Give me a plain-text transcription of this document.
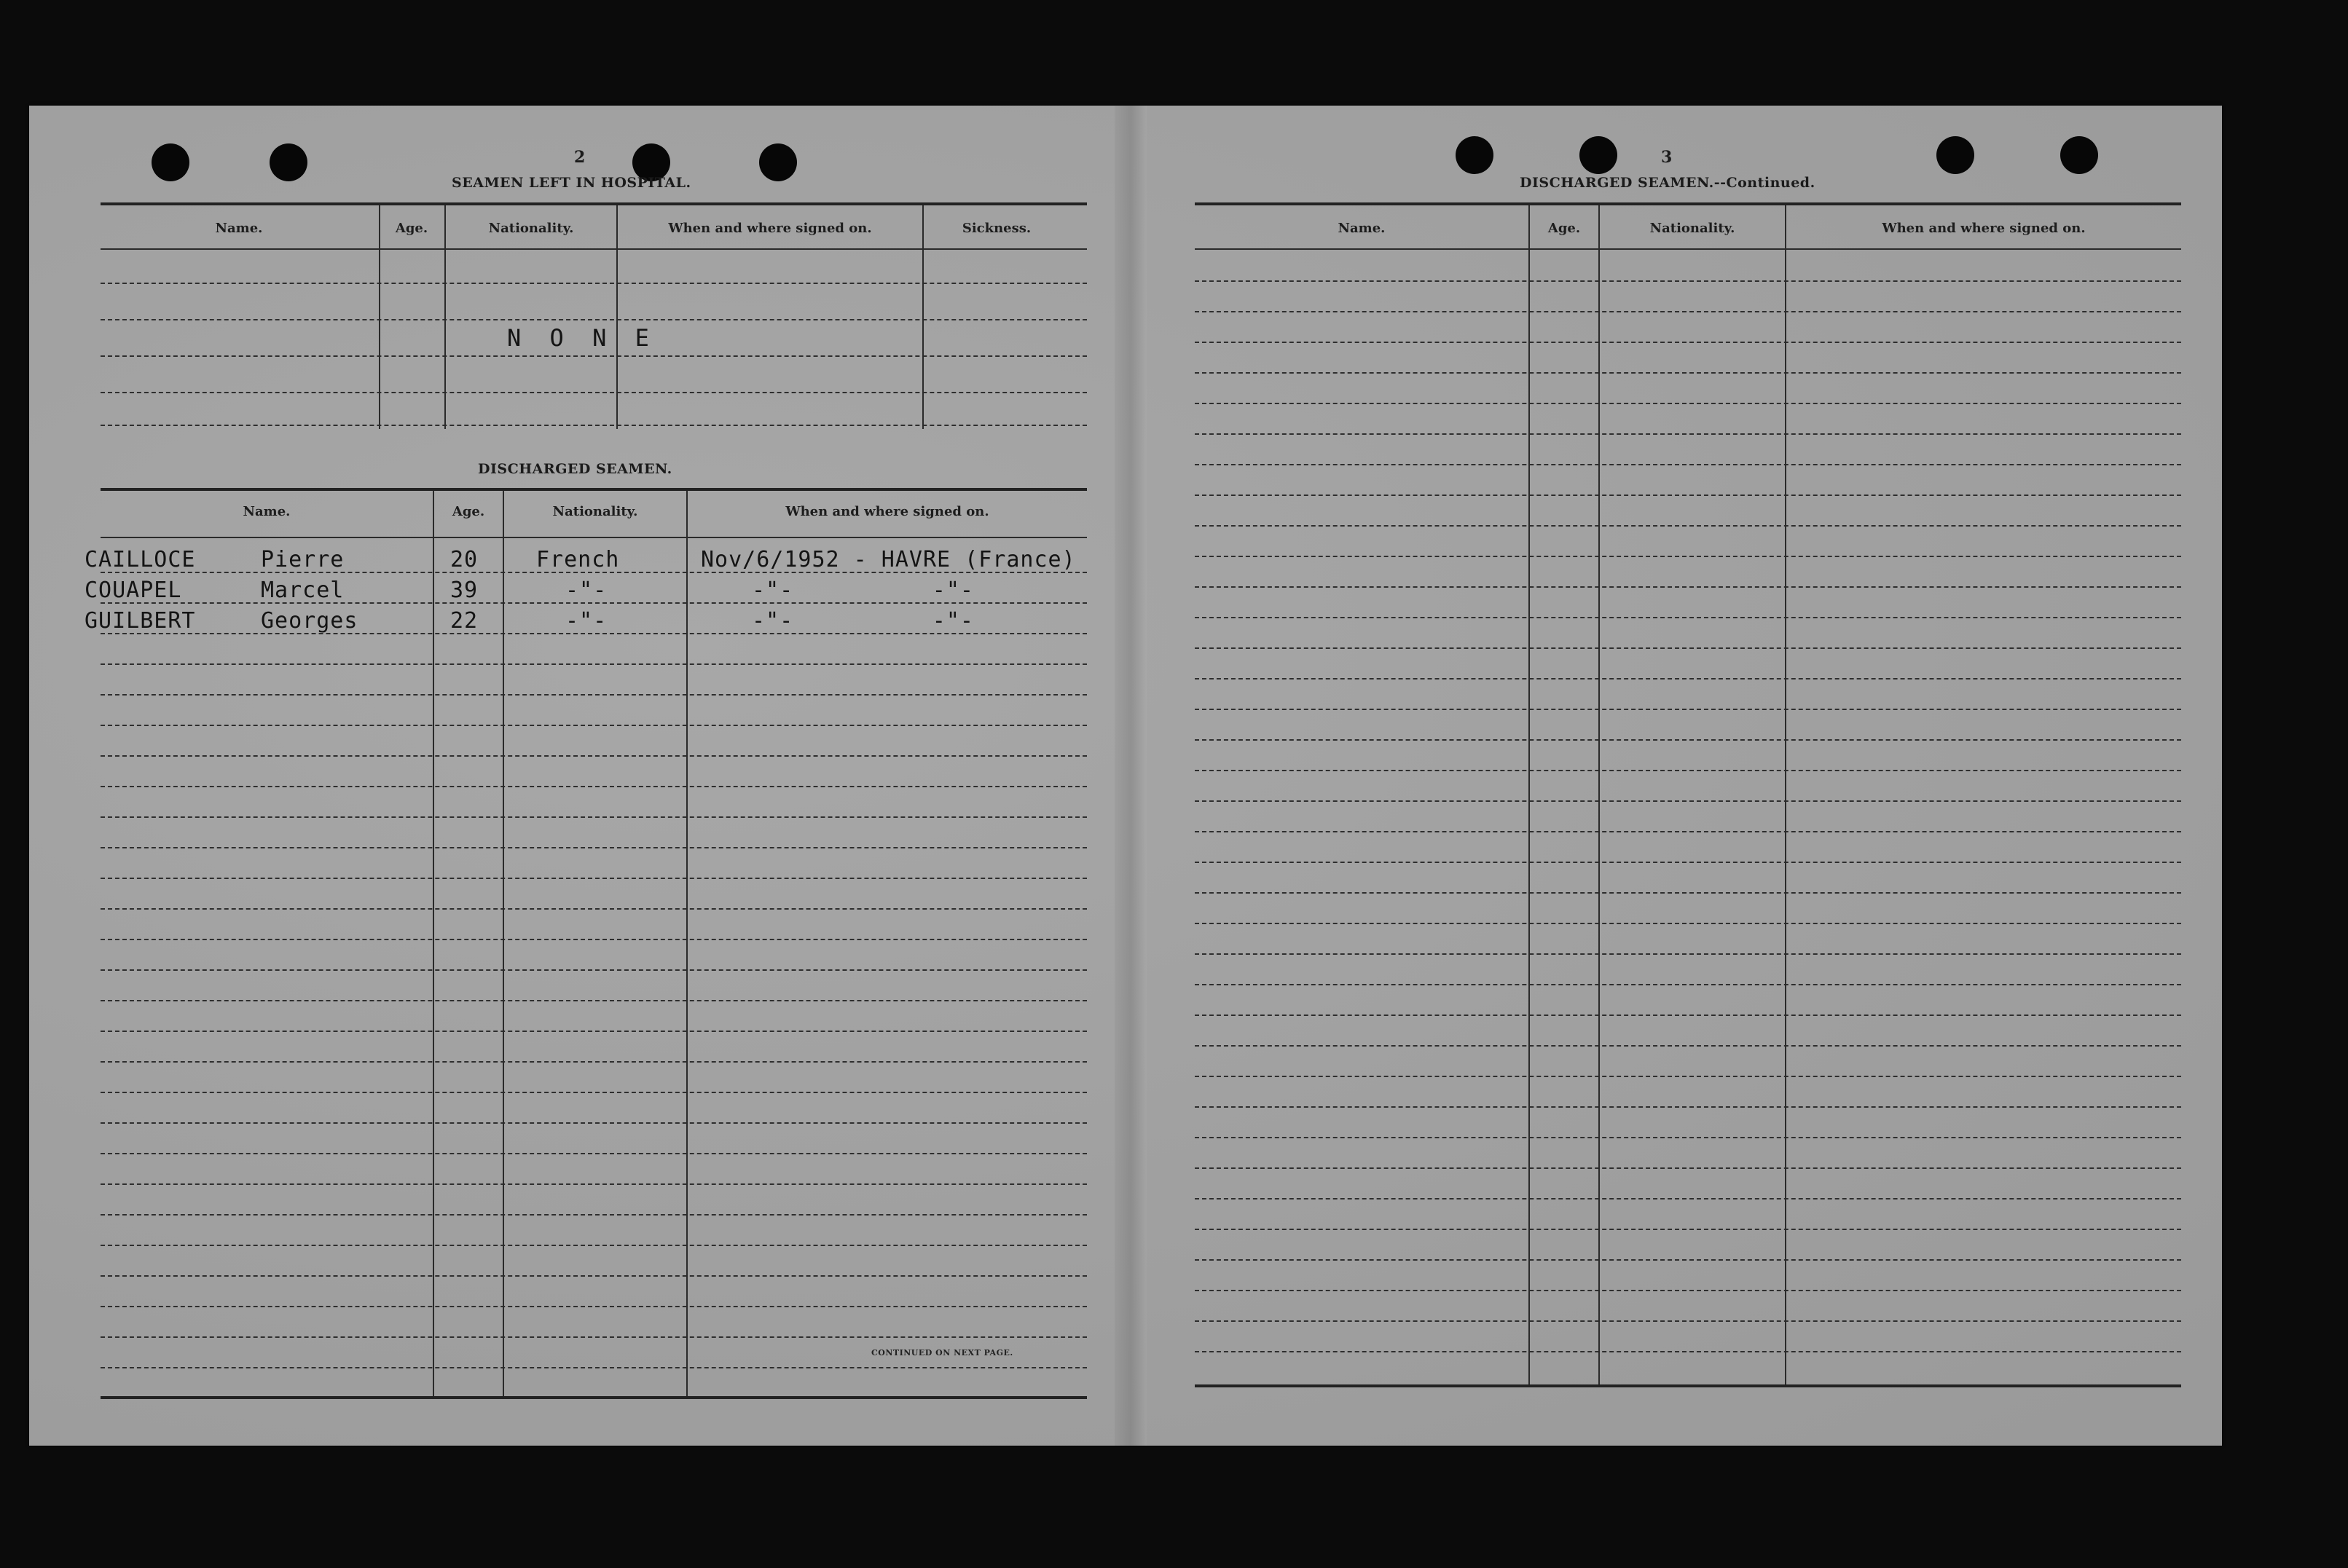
2
SEAMEN LEFT IN HOSPITAL.
Name.	Age.	Nationality.	When and where signed on.	Sickness.
N O N E
DISCHARGED SEAMEN.
Name.	Age.	Nationality.	When and where signed on.
CAILLOCE	Pierre	20	French	Nov/6/1952 - HAVRE (France)
COUAPEL	Marcel	39	-"-	-"-          -"-
GUILBERT	Georges	22	-"-	-"-          -"-
CONTINUED ON NEXT PAGE.
3
DISCHARGED SEAMEN.--Continued.
Name.	Age.	Nationality.	When and where signed on.
